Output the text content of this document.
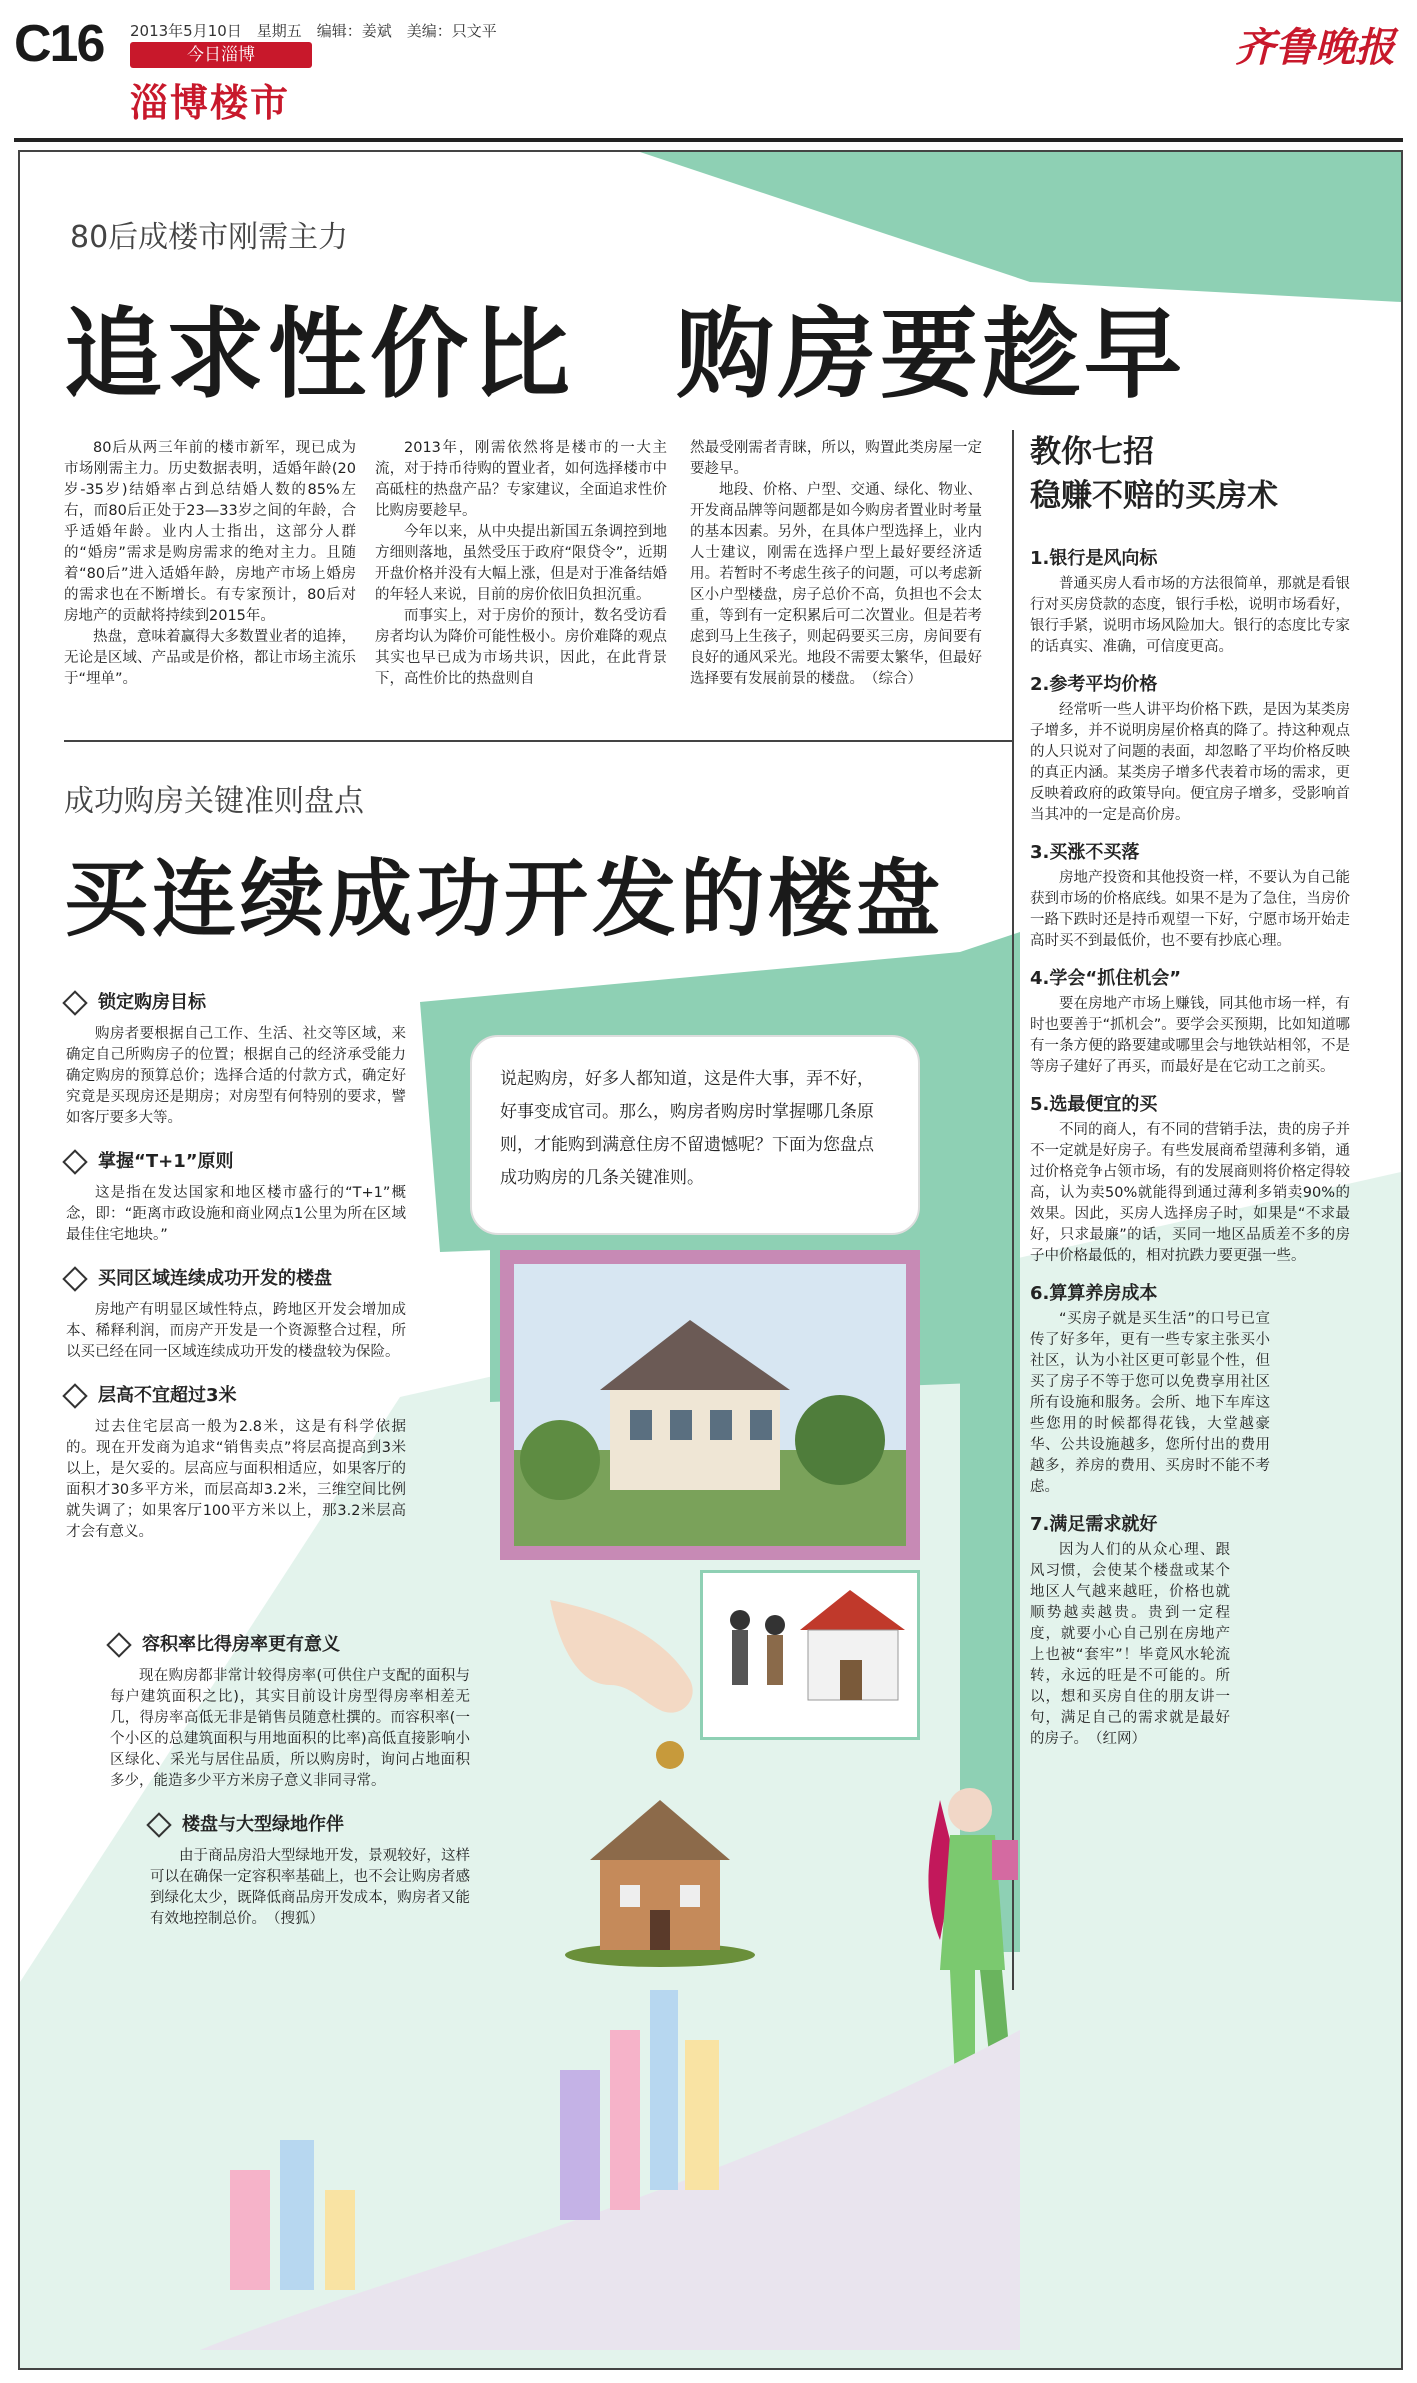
C16 2013年5月10日　星期五　编辑：姜斌　美编：只文平
今日淄博
淄博楼市
齐鲁晚报
80后成楼市刚需主力
追求性价比　购房要趁早

80后从两三年前的楼市新军，现已成为市场刚需主力。历史数据表明，适婚年龄(20岁-35岁)结婚率占到总结婚人数的85%左右，而80后正处于23—33岁之间的年龄，合乎适婚年龄。业内人士指出，这部分人群的“婚房”需求是购房需求的绝对主力。且随着“80后”进入适婚年龄，房地产市场上婚房的需求也在不断增长。有专家预计，80后对房地产的贡献将持续到2015年。

热盘，意味着赢得大多数置业者的追捧，无论是区域、产品或是价格，都让市场主流乐于“埋单”。

2013年，刚需依然将是楼市的一大主流，对于持币待购的置业者，如何选择楼市中高砥柱的热盘产品？专家建议，全面追求性价比购房要趁早。

今年以来，从中央提出新国五条调控到地方细则落地，虽然受压于政府“限贷令”，近期开盘价格并没有大幅上涨，但是对于准备结婚的年轻人来说，目前的房价依旧负担沉重。

而事实上，对于房价的预计，数名受访看房者均认为降价可能性极小。房价难降的观点其实也早已成为市场共识，因此，在此背景下，高性价比的热盘则自

然最受刚需者青睐，所以，购置此类房屋一定要趁早。

地段、价格、户型、交通、绿化、物业、开发商品牌等问题都是如今购房者置业时考量的基本因素。另外，在具体户型选择上，业内人士建议，刚需在选择户型上最好要经济适用。若暂时不考虑生孩子的问题，可以考虑新区小户型楼盘，房子总价不高，负担也不会太重，等到有一定积累后可二次置业。但是若考虑到马上生孩子，则起码要买三房，房间要有良好的通风采光。地段不需要太繁华，但最好选择要有发展前景的楼盘。　（综合）

成功购房关键准则盘点
买连续成功开发的楼盘
说起购房，好多人都知道，这是件大事，弄不好，好事变成官司。那么，购房者购房时掌握哪几条原则，才能购到满意住房不留遗憾呢？下面为您盘点成功购房的几条关键准则。
锁定购房目标

购房者要根据自己工作、生活、社交等区域，来确定自己所购房子的位置；根据自己的经济承受能力确定购房的预算总价；选择合适的付款方式，确定好究竟是买现房还是期房；对房型有何特别的要求，譬如客厅要多大等。

掌握“T+1”原则

这是指在发达国家和地区楼市盛行的“T+1”概念，即：“距离市政设施和商业网点1公里为所在区域最佳住宅地块。”

买同区域连续成功开发的楼盘

房地产有明显区域性特点，跨地区开发会增加成本、稀释利润，而房产开发是一个资源整合过程，所以买已经在同一区域连续成功开发的楼盘较为保险。

层高不宜超过3米

过去住宅层高一般为2.8米，这是有科学依据的。现在开发商为追求“销售卖点”将层高提高到3米以上，是欠妥的。层高应与面积相适应，如果客厅的面积才30多平方米，而层高却3.2米，三维空间比例就失调了；如果客厅100平方米以上，那3.2米层高才会有意义。

容积率比得房率更有意义

现在购房都非常计较得房率(可供住户支配的面积与每户建筑面积之比)，其实目前设计房型得房率相差无几，得房率高低无非是销售员随意杜撰的。而容积率(一个小区的总建筑面积与用地面积的比率)高低直接影响小区绿化、采光与居住品质，所以购房时，询问占地面积多少，能造多少平方米房子意义非同寻常。

楼盘与大型绿地作伴

由于商品房沿大型绿地开发，景观较好，这样可以在确保一定容积率基础上，也不会让购房者感到绿化太少，既降低商品房开发成本，购房者又能有效地控制总价。　（搜狐）

教你七招
稳赚不赔的买房术
1.银行是风向标

普通买房人看市场的方法很简单，那就是看银行对买房贷款的态度，银行手松，说明市场看好，银行手紧，说明市场风险加大。银行的态度比专家的话真实、准确，可信度更高。

2.参考平均价格

经常听一些人讲平均价格下跌，是因为某类房子增多，并不说明房屋价格真的降了。持这种观点的人只说对了问题的表面，却忽略了平均价格反映的真正内涵。某类房子增多代表着市场的需求，更反映着政府的政策导向。便宜房子增多，受影响首当其冲的一定是高价房。

3.买涨不买落

房地产投资和其他投资一样，不要认为自己能获到市场的价格底线。如果不是为了急住，当房价一路下跌时还是持币观望一下好，宁愿市场开始走高时买不到最低价，也不要有抄底心理。

4.学会“抓住机会”

要在房地产市场上赚钱，同其他市场一样，有时也要善于“抓机会”。要学会买预期，比如知道哪有一条方便的路要建或哪里会与地铁站相邻，不是等房子建好了再买，而最好是在它动工之前买。

5.选最便宜的买

不同的商人，有不同的营销手法，贵的房子并不一定就是好房子。有些发展商希望薄利多销，通过价格竞争占领市场，有的发展商则将价格定得较高，认为卖50%就能得到通过薄利多销卖90%的效果。因此，买房人选择房子时，如果是“不求最好，只求最廉”的话，买同一地区品质差不多的房子中价格最低的，相对抗跌力要更强一些。

6.算算养房成本

“买房子就是买生活”的口号已宣传了好多年，更有一些专家主张买小社区，认为小社区更可彰显个性，但买了房子不等于您可以免费享用社区所有设施和服务。会所、地下车库这些您用的时候都得花钱，大堂越豪华、公共设施越多，您所付出的费用越多，养房的费用、买房时不能不考虑。

7.满足需求就好

因为人们的从众心理、跟风习惯，会使某个楼盘或某个地区人气越来越旺，价格也就顺势越卖越贵。贵到一定程度，就要小心自己别在房地产上也被“套牢”！毕竟风水轮流转，永远的旺是不可能的。所以，想和买房自住的朋友讲一句，满足自己的需求就是最好的房子。　（红网）
